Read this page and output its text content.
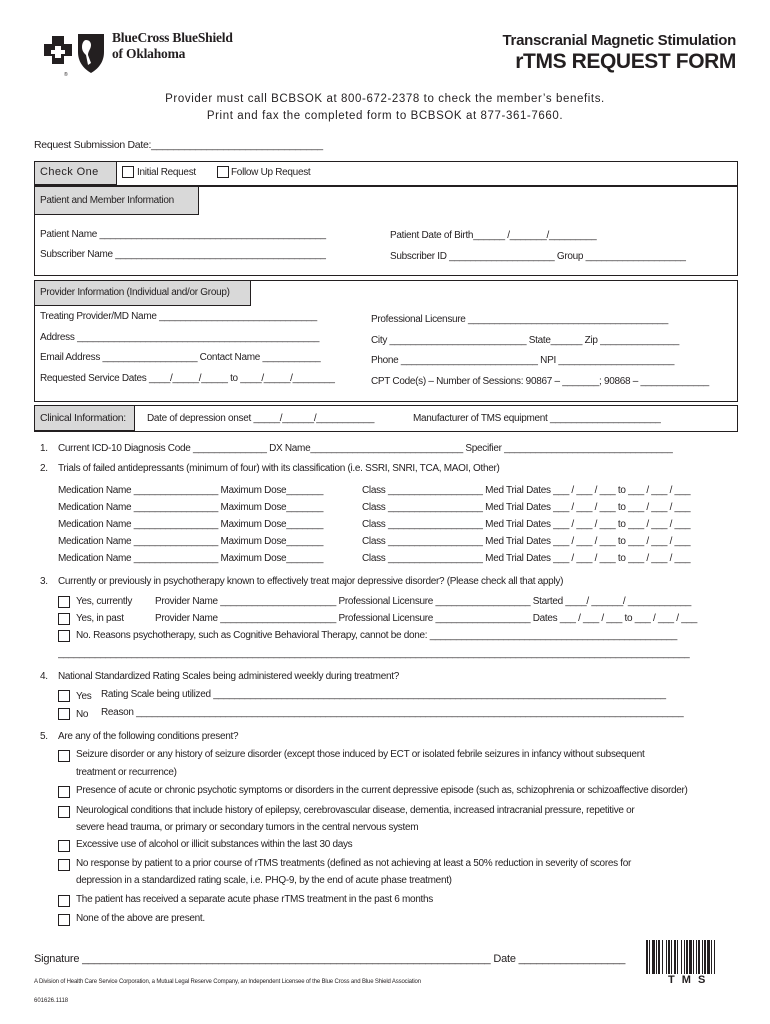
®
BlueCross BlueShield
of Oklahoma
Transcranial Magnetic Stimulation
rTMS REQUEST FORM
Provider must call BCBSOK at 800-672-2378 to check the member’s benefits.
Print and fax the completed form to BCBSOK at 877-361-7660.
Request Submission Date:_______________________________
Check One	Initial Request	Follow Up Request
Patient and Member Information
Patient Name ___________________________________________	Patient Date of Birth______ /_______/_________
Subscriber Name ________________________________________	Subscriber ID ____________________ Group ___________________
Provider Information (Individual and/or Group)
Treating Provider/MD Name ______________________________	Professional Licensure ______________________________________
Address ______________________________________________	City __________________________ State______ Zip _______________
Email Address __________________ Contact Name ___________	Phone __________________________ NPI ______________________
Requested Service Dates ____/_____/_____ to ____/_____/________	CPT Code(s) – Number of Sessions: 90867 – _______; 90868 – _____________
Clinical Information:	Date of depression onset _____/______/___________	Manufacturer of TMS equipment _____________________
1. Current ICD-10 Diagnosis Code ______________ DX Name_____________________________ Specifier ________________________________
2. Trials of failed antidepressants (minimum of four) with its classification (i.e. SSRI, SNRI, TCA, MAOI, Other)
Medication Name ________________ Maximum Dose_______	Class __________________ Med Trial Dates ___ / ___ / ___ to ___ / ___ / ___
Medication Name ________________ Maximum Dose_______	Class __________________ Med Trial Dates ___ / ___ / ___ to ___ / ___ / ___
Medication Name ________________ Maximum Dose_______	Class __________________ Med Trial Dates ___ / ___ / ___ to ___ / ___ / ___
Medication Name ________________ Maximum Dose_______	Class __________________ Med Trial Dates ___ / ___ / ___ to ___ / ___ / ___
Medication Name ________________ Maximum Dose_______	Class __________________ Med Trial Dates ___ / ___ / ___ to ___ / ___ / ___
3. Currently or previously in psychotherapy known to effectively treat major depressive disorder? (Please check all that apply)
Yes, currently Provider Name ______________________ Professional Licensure __________________ Started ____/ ______/ ____________
Yes, in past	Provider Name ______________________ Professional Licensure __________________ Dates ___ / ___ / ___ to ___ / ___ / ___
No. Reasons psychotherapy, such as Cognitive Behavioral Therapy, cannot be done: _______________________________________________
________________________________________________________________________________________________________________________
4. National Standardized Rating Scales being administered weekly during treatment?
Yes Rating Scale being utilized ______________________________________________________________________________________
No Reason ________________________________________________________________________________________________________
5. Are any of the following conditions present?
Seizure disorder or any history of seizure disorder (except those induced by ECT or isolated febrile seizures in infancy without subsequent
treatment or recurrence)
Presence of acute or chronic psychotic symptoms or disorders in the current depressive episode (such as, schizophrenia or schizoaffective disorder)
Neurological conditions that include history of epilepsy, cerebrovascular disease, dementia, increased intracranial pressure, repetitive or
severe head trauma, or primary or secondary tumors in the central nervous system
Excessive use of alcohol or illicit substances within the last 30 days
No response by patient to a prior course of rTMS treatments (defined as not achieving at least a 50% reduction in severity of scores for
depression in a standardized rating scale, i.e. PHQ-9, by the end of acute phase treatment)
The patient has received a separate acute phase rTMS treatment in the past 6 months
None of the above are present.
Signature _____________________________________________________________________ Date __________________
A Division of Health Care Service Corporation, a Mutual Legal Reserve Company, an Independent Licensee of the Blue Cross and Blue Shield Association
601626.1118
T M S
